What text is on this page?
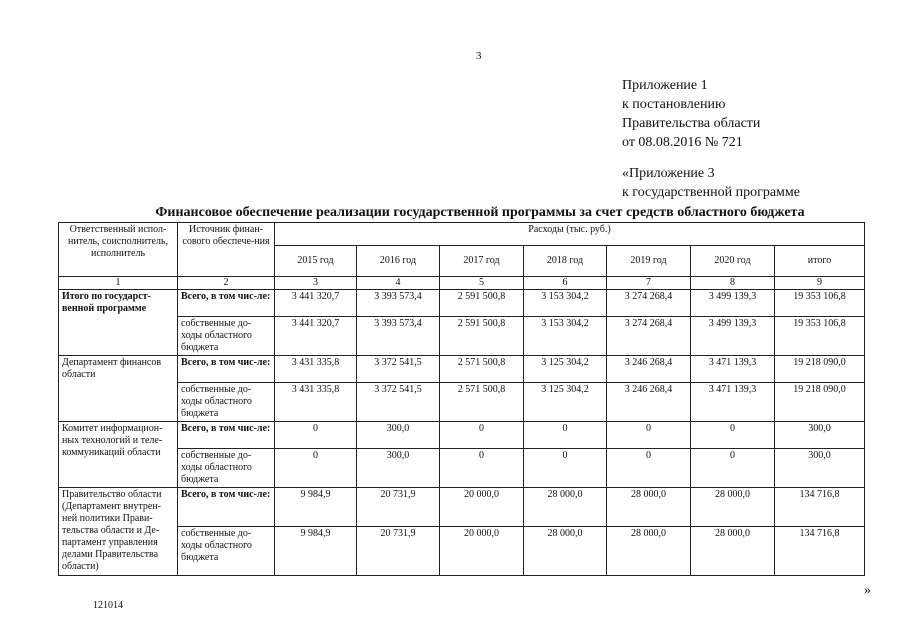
3
Приложение 1
к постановлению
Правительства области
от 08.08.2016 № 721
«Приложение 3
к государственной программе
Финансовое обеспечение реализации государственной программы за счет средств областного бюджета
Ответственный испол-нитель, соисполнитель, исполнитель	Источник финан-сового обеспече-ния	Расходы (тыс. руб.)						
		2015 год	2016 год	2017 год	2018 год	2019 год	2020 год	итого
1	2	3	4	5	6	7	8	9
Итого по государст-венной программе	Всего, в том чис-ле:	3 441 320,7	3 393 573,4	2 591 500,8	3 153 304,2	3 274 268,4	3 499 139,3	19 353 106,8
	собственные до-ходы областного бюджета	3 441 320,7	3 393 573,4	2 591 500,8	3 153 304,2	3 274 268,4	3 499 139,3	19 353 106,8
Департамент финансов области	Всего, в том чис-ле:	3 431 335,8	3 372 541,5	2 571 500,8	3 125 304,2	3 246 268,4	3 471 139,3	19 218 090,0
	собственные до-ходы областного бюджета	3 431 335,8	3 372 541,5	2 571 500,8	3 125 304,2	3 246 268,4	3 471 139,3	19 218 090,0
Комитет информацион-ных технологий и теле-коммуникаций области	Всего, в том чис-ле:	0	300,0	0	0	0	0	300,0
	собственные до-ходы областного бюджета	0	300,0	0	0	0	0	300,0
Правительство области (Департамент внутрен-ней политики Прави-тельства области и Де-партамент управления делами Правительства области)	Всего, в том чис-ле:	9 984,9	20 731,9	20 000,0	28 000,0	28 000,0	28 000,0	134 716,8
	собственные до-ходы областного бюджета	9 984,9	20 731,9	20 000,0	28 000,0	28 000,0	28 000,0	134 716,8
121014
»
